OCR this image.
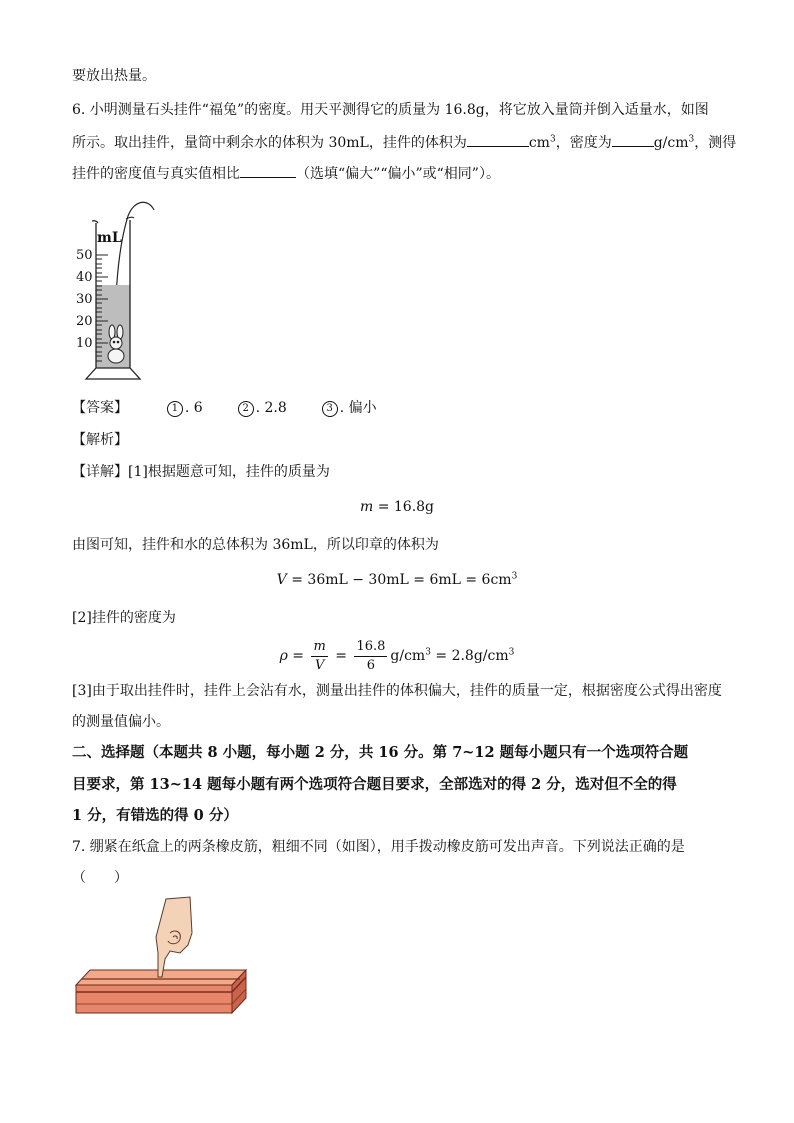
要放出热量。
6. 小明测量石头挂件“福兔”的密度。用天平测得它的质量为 16.8g，将它放入量筒并倒入适量水，如图
所示。取出挂件，量筒中剩余水的体积为 30mL，挂件的体积为	$cm^3$，密度为	$g/cm^3$，测得
挂件的密度值与真实值相比	（选填“偏大”“偏小”或“相同”）。
mL
50
40
30
20
10
【答案】	1 . 6	2 . 2.8	3 . 偏小
【解析】
【详解】[1]根据题意可知，挂件的质量为
m = 16.8g
由图可知，挂件和水的总体积为 36mL，所以印章的体积为
$V = 36mL - 30mL = 6mL = 6cm^3$
[2]挂件的密度为
$\rho = \frac{m}{V} = \frac{16.8}{6} g/cm^3 = 2.8g/cm^3$
[3]由于取出挂件时，挂件上会沾有水，测量出挂件的体积偏大，挂件的质量一定，根据密度公式得出密度
的测量值偏小。
二、选择题（本题共 8 小题，每小题 2 分，共 16 分。第 7~12 题每小题只有一个选项符合题
目要求，第 13~14 题每小题有两个选项符合题目要求，全部选对的得 2 分，选对但不全的得
1 分，有错选的得 0 分）
7. 绷紧在纸盒上的两条橡皮筋，粗细不同（如图），用手拨动橡皮筋可发出声音。下列说法正确的是
（　　）
